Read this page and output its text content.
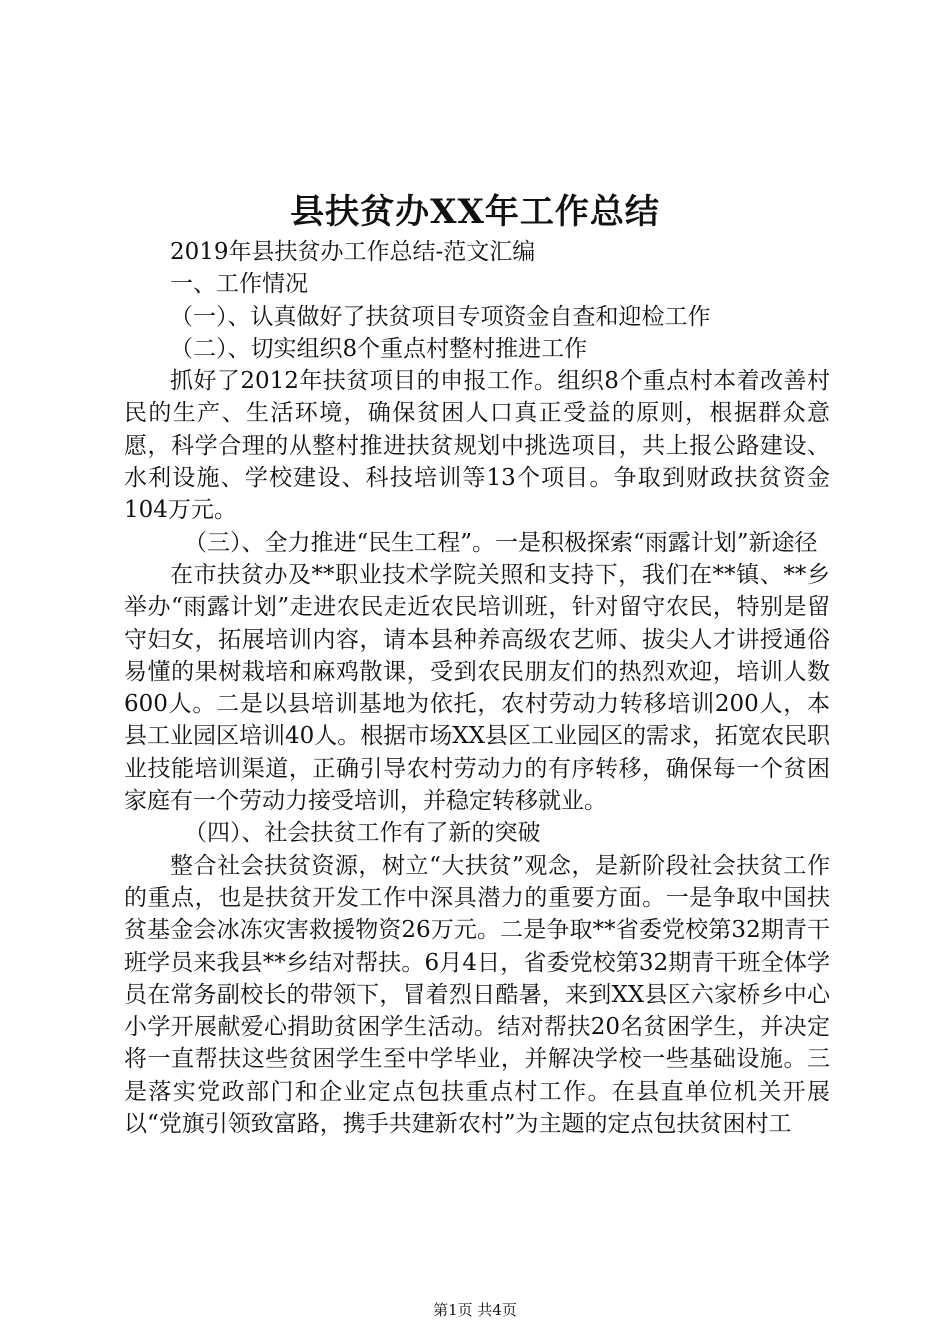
县扶贫办XX年工作总结

2019年县扶贫办工作总结-范文汇编

一、工作情况

（一）、认真做好了扶贫项目专项资金自查和迎检工作

（二）、切实组织8个重点村整村推进工作

抓好了2012年扶贫项目的申报工作。组织8个重点村本着改善村民的生产、生活环境，确保贫困人口真正受益的原则，根据群众意愿，科学合理的从整村推进扶贫规划中挑选项目，共上报公路建设、水利设施、学校建设、科技培训等13个项目。争取到财政扶贫资金104万元。

（三）、全力推进“民生工程”。一是积极探索“雨露计划”新途径

在市扶贫办及**职业技术学院关照和支持下，我们在**镇、**乡举办“雨露计划”走进农民走近农民培训班，针对留守农民，特别是留守妇女，拓展培训内容，请本县种养高级农艺师、拔尖人才讲授通俗易懂的果树栽培和麻鸡散课，受到农民朋友们的热烈欢迎，培训人数600人。二是以县培训基地为依托，农村劳动力转移培训200人，本县工业园区培训40人。根据市场XX县区工业园区的需求，拓宽农民职业技能培训渠道，正确引导农村劳动力的有序转移，确保每一个贫困家庭有一个劳动力接受培训，并稳定转移就业。

（四）、社会扶贫工作有了新的突破

整合社会扶贫资源，树立“大扶贫”观念，是新阶段社会扶贫工作的重点，也是扶贫开发工作中深具潜力的重要方面。一是争取中国扶贫基金会冰冻灾害救援物资26万元。二是争取**省委党校第32期青干班学员来我县**乡结对帮扶。6月4日，省委党校第32期青干班全体学员在常务副校长的带领下，冒着烈日酷暑，来到XX县区六家桥乡中心小学开展献爱心捐助贫困学生活动。结对帮扶20名贫困学生，并决定将一直帮扶这些贫困学生至中学毕业，并解决学校一些基础设施。三是落实党政部门和企业定点包扶重点村工作。在县直单位机关开展以“党旗引领致富路，携手共建新农村”为主题的定点包扶贫困村工

第1页 共4页
